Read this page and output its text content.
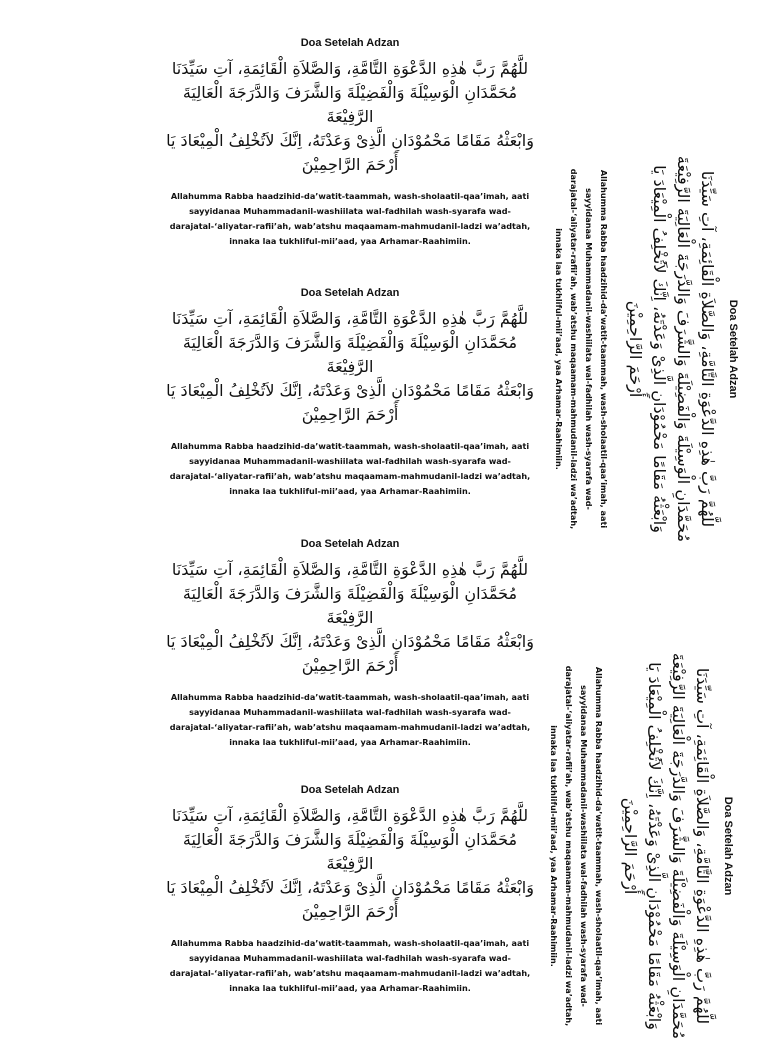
Doa Setelah Adzan

للَّهُمَّ رَبَّ هٰذِهِ الدَّعْوَةِ التَّامَّةِ، وَالصَّلاَةِ الْقَائِمَةِ، آتِ سَيِّدَنَا
مُحَمَّدَانِ الْوَسِيْلَةَ وَالْفَضِيْلَةَ وَالشَّرَفَ وَالدَّرَجَةَ الْعَالِيَةَ الرَّفِيْعَةَ
وَابْعَثْهُ مَقَامًا مَحْمُوْدَانِ الَّذِىْ وَعَدْتَهُ، اِنَّكَ لاَتُخْلِفُ الْمِيْعَادَ يَا
أَرْحَمَ الرَّاحِمِيْنَ
Allahumma Rabba haadzihid-da’watit-taammah, wash-sholaatil-qaa’imah, aati
sayyidanaa Muhammadanil-washiilata wal-fadhilah wash-syarafa wad-
darajatal-‘aliyatar-rafii’ah, wab’atshu maqaamam-mahmudanil-ladzi wa’adtah,
innaka laa tukhliful-mii’aad, yaa Arhamar-Raahimiin.

Doa Setelah Adzan

للَّهُمَّ رَبَّ هٰذِهِ الدَّعْوَةِ التَّامَّةِ، وَالصَّلاَةِ الْقَائِمَةِ، آتِ سَيِّدَنَا
مُحَمَّدَانِ الْوَسِيْلَةَ وَالْفَضِيْلَةَ وَالشَّرَفَ وَالدَّرَجَةَ الْعَالِيَةَ الرَّفِيْعَةَ
وَابْعَثْهُ مَقَامًا مَحْمُوْدَانِ الَّذِىْ وَعَدْتَهُ، اِنَّكَ لاَتُخْلِفُ الْمِيْعَادَ يَا
أَرْحَمَ الرَّاحِمِيْنَ
Allahumma Rabba haadzihid-da’watit-taammah, wash-sholaatil-qaa’imah, aati
sayyidanaa Muhammadanil-washiilata wal-fadhilah wash-syarafa wad-
darajatal-‘aliyatar-rafii’ah, wab’atshu maqaamam-mahmudanil-ladzi wa’adtah,
innaka laa tukhliful-mii’aad, yaa Arhamar-Raahimiin.

Doa Setelah Adzan

للَّهُمَّ رَبَّ هٰذِهِ الدَّعْوَةِ التَّامَّةِ، وَالصَّلاَةِ الْقَائِمَةِ، آتِ سَيِّدَنَا
مُحَمَّدَانِ الْوَسِيْلَةَ وَالْفَضِيْلَةَ وَالشَّرَفَ وَالدَّرَجَةَ الْعَالِيَةَ الرَّفِيْعَةَ
وَابْعَثْهُ مَقَامًا مَحْمُوْدَانِ الَّذِىْ وَعَدْتَهُ، اِنَّكَ لاَتُخْلِفُ الْمِيْعَادَ يَا
أَرْحَمَ الرَّاحِمِيْنَ
Allahumma Rabba haadzihid-da’watit-taammah, wash-sholaatil-qaa’imah, aati
sayyidanaa Muhammadanil-washiilata wal-fadhilah wash-syarafa wad-
darajatal-‘aliyatar-rafii’ah, wab’atshu maqaamam-mahmudanil-ladzi wa’adtah,
innaka laa tukhliful-mii’aad, yaa Arhamar-Raahimiin.

Doa Setelah Adzan

للَّهُمَّ رَبَّ هٰذِهِ الدَّعْوَةِ التَّامَّةِ، وَالصَّلاَةِ الْقَائِمَةِ، آتِ سَيِّدَنَا
مُحَمَّدَانِ الْوَسِيْلَةَ وَالْفَضِيْلَةَ وَالشَّرَفَ وَالدَّرَجَةَ الْعَالِيَةَ الرَّفِيْعَةَ
وَابْعَثْهُ مَقَامًا مَحْمُوْدَانِ الَّذِىْ وَعَدْتَهُ، اِنَّكَ لاَتُخْلِفُ الْمِيْعَادَ يَا
أَرْحَمَ الرَّاحِمِيْنَ
Allahumma Rabba haadzihid-da’watit-taammah, wash-sholaatil-qaa’imah, aati
sayyidanaa Muhammadanil-washiilata wal-fadhilah wash-syarafa wad-
darajatal-‘aliyatar-rafii’ah, wab’atshu maqaamam-mahmudanil-ladzi wa’adtah,
innaka laa tukhliful-mii’aad, yaa Arhamar-Raahimiin.

Doa Setelah Adzan

للَّهُمَّ رَبَّ هٰذِهِ الدَّعْوَةِ التَّامَّةِ، وَالصَّلاَةِ الْقَائِمَةِ، آتِ سَيِّدَنَا
مُحَمَّدَانِ الْوَسِيْلَةَ وَالْفَضِيْلَةَ وَالشَّرَفَ وَالدَّرَجَةَ الْعَالِيَةَ الرَّفِيْعَةَ
وَابْعَثْهُ مَقَامًا مَحْمُوْدَانِ الَّذِىْ وَعَدْتَهُ، اِنَّكَ لاَتُخْلِفُ الْمِيْعَادَ يَا
أَرْحَمَ الرَّاحِمِيْنَ
Allahumma Rabba haadzihid-da’watit-taammah, wash-sholaatil-qaa’imah, aati
sayyidanaa Muhammadanil-washiilata wal-fadhilah wash-syarafa wad-
darajatal-‘aliyatar-rafii’ah, wab’atshu maqaamam-mahmudanil-ladzi wa’adtah,
innaka laa tukhliful-mii’aad, yaa Arhamar-Raahimiin.

Doa Setelah Adzan

للَّهُمَّ رَبَّ هٰذِهِ الدَّعْوَةِ التَّامَّةِ، وَالصَّلاَةِ الْقَائِمَةِ، آتِ سَيِّدَنَا
مُحَمَّدَانِ الْوَسِيْلَةَ وَالْفَضِيْلَةَ وَالشَّرَفَ وَالدَّرَجَةَ الْعَالِيَةَ الرَّفِيْعَةَ
وَابْعَثْهُ مَقَامًا مَحْمُوْدَانِ الَّذِىْ وَعَدْتَهُ، اِنَّكَ لاَتُخْلِفُ الْمِيْعَادَ يَا
أَرْحَمَ الرَّاحِمِيْنَ
Allahumma Rabba haadzihid-da’watit-taammah, wash-sholaatil-qaa’imah, aati
sayyidanaa Muhammadanil-washiilata wal-fadhilah wash-syarafa wad-
darajatal-‘aliyatar-rafii’ah, wab’atshu maqaamam-mahmudanil-ladzi wa’adtah,
innaka laa tukhliful-mii’aad, yaa Arhamar-Raahimiin.
